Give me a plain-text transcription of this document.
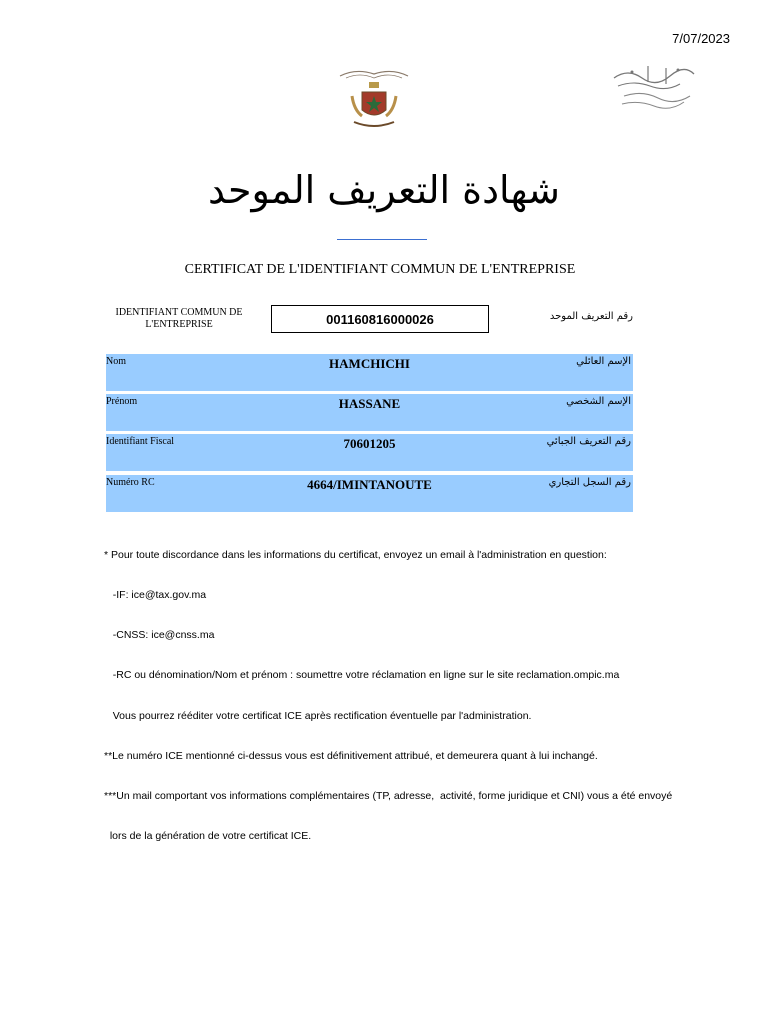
7/07/2023
شهادة التعريف الموحد
CERTIFICAT DE L'IDENTIFIANT COMMUN DE L'ENTREPRISE
IDENTIFIANT COMMUN DE L'ENTREPRISE	001160816000026	رقم التعريف الموحد
Nom	HAMCHICHI	الإسم العائلي
Prénom	HASSANE	الإسم الشخصي
Identifiant Fiscal	70601205	رقم التعريف الجبائي
Numéro RC	4664/IMINTANOUTE	رقم السجل التجاري

* Pour toute discordance dans les informations du certificat, envoyez un email à l'administration en question:

-IF: ice@tax.gov.ma

-CNSS: ice@cnss.ma

-RC ou dénomination/Nom et prénom : soumettre votre réclamation en ligne sur le site reclamation.ompic.ma

Vous pourrez rééditer votre certificat ICE après rectification éventuelle par l'administration.

**Le numéro ICE mentionné ci-dessus vous est définitivement attribué, et demeurera quant à lui inchangé.

***Un mail comportant vos informations complémentaires (TP, adresse,  activité, forme juridique et CNI) vous a été envoyé

lors de la génération de votre certificat ICE.
